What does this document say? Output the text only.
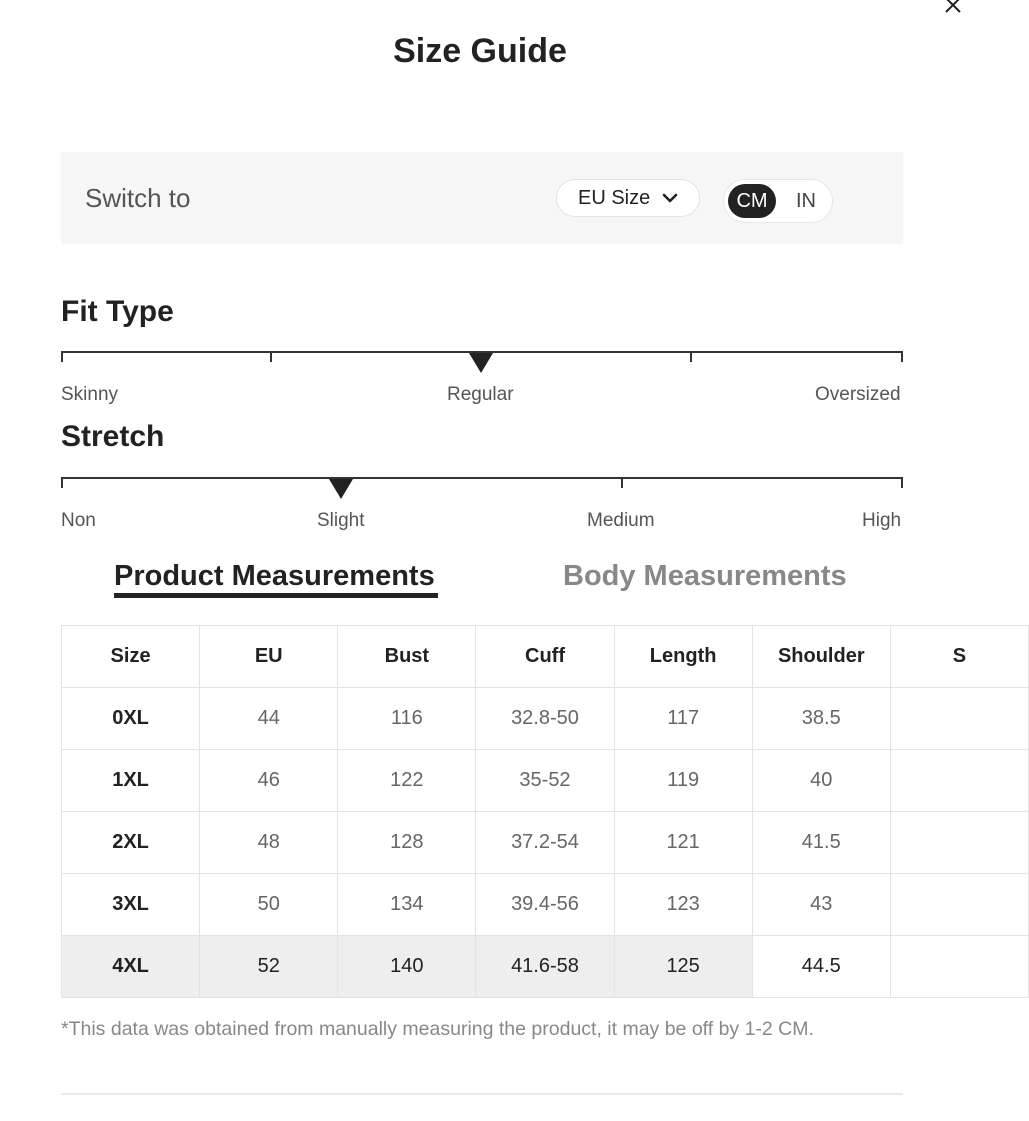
Size Guide
Switch to	EU Size	CM	IN
Fit Type
Skinny	Regular	Oversized
Stretch
Non	Slight	Medium	High
Product Measurements	Body Measurements
Size	EU	Bust	Cuff	Length	Shoulder	S
0XL	44	116	32.8-50	117	38.5	
1XL	46	122	35-52	119	40	
2XL	48	128	37.2-54	121	41.5	
3XL	50	134	39.4-56	123	43	
4XL	52	140	41.6-58	125	44.5	
*This data was obtained from manually measuring the product, it may be off by 1-2 CM.
